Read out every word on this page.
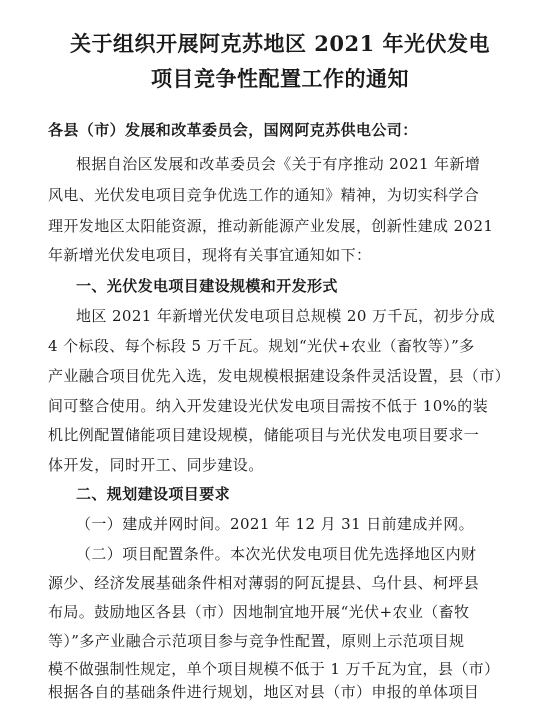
关于组织开展阿克苏地区 2021 年光伏发电
项目竞争性配置工作的通知
各县（市）发展和改革委员会，国网阿克苏供电公司：
根据自治区发展和改革委员会《关于有序推动 2021 年新增
风电、光伏发电项目竞争优选工作的通知》精神，为切实科学合
理开发地区太阳能资源，推动新能源产业发展，创新性建成 2021
年新增光伏发电项目，现将有关事宜通知如下：
一、光伏发电项目建设规模和开发形式
地区 2021 年新增光伏发电项目总规模 20 万千瓦，初步分成
4 个标段、每个标段 5 万千瓦。规划“光伏+农业（畜牧等）”多
产业融合项目优先入选，发电规模根据建设条件灵活设置，县（市）
间可整合使用。纳入开发建设光伏发电项目需按不低于 10%的装
机比例配置储能项目建设规模，储能项目与光伏发电项目要求一
体开发，同时开工、同步建设。
二、规划建设项目要求
（一）建成并网时间。2021 年 12 月 31 日前建成并网。
（二）项目配置条件。本次光伏发电项目优先选择地区内财
源少、经济发展基础条件相对薄弱的阿瓦提县、乌什县、柯坪县
布局。鼓励地区各县（市）因地制宜地开展“光伏+农业（畜牧
等）”多产业融合示范项目参与竞争性配置，原则上示范项目规
模不做强制性规定，单个项目规模不低于 1 万千瓦为宜，县（市）
根据各自的基础条件进行规划，地区对县（市）申报的单体项目
